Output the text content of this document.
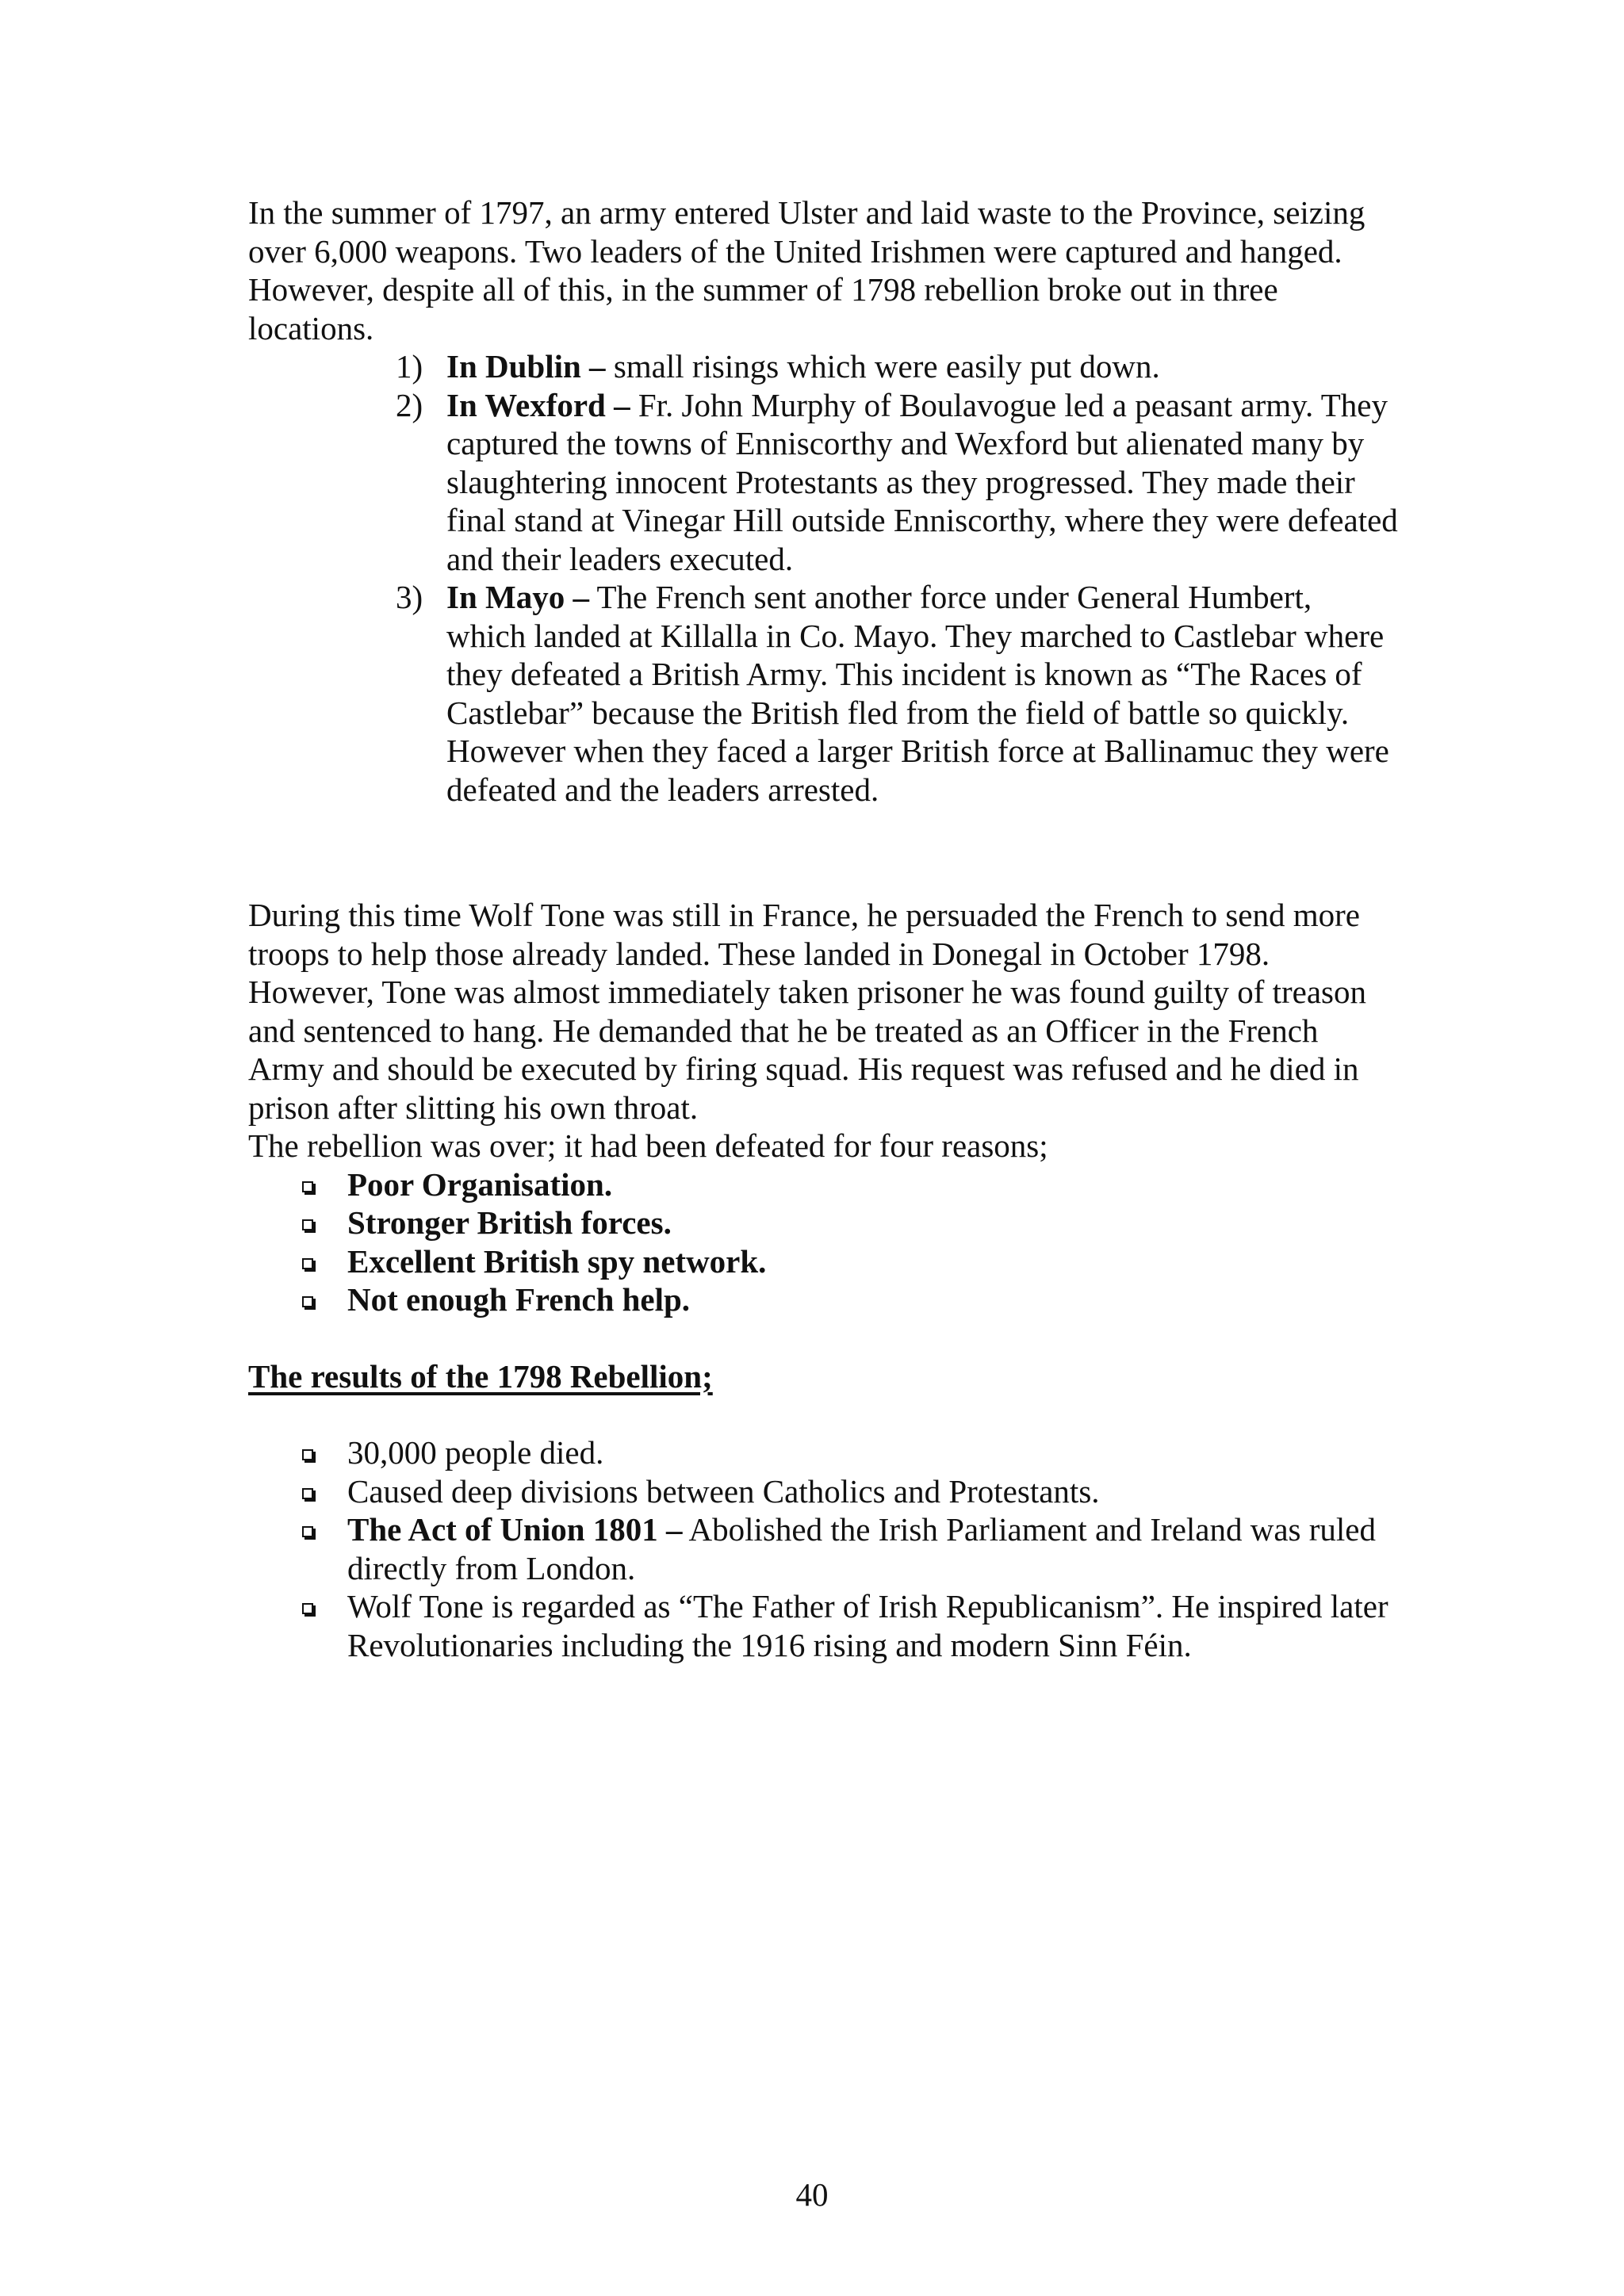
In the summer of 1797, an army entered Ulster and laid waste to the Province, seizing over 6,000 weapons. Two leaders of the United Irishmen were captured and hanged. However, despite all of this, in the summer of 1798 rebellion broke out in three locations.

1) In Dublin – small risings which were easily put down.
2) In Wexford – Fr. John Murphy of Boulavogue led a peasant army. They captured the towns of Enniscorthy and Wexford but alienated many by slaughtering innocent Protestants as they progressed. They made their final stand at Vinegar Hill outside Enniscorthy, where they were defeated and their leaders executed.
3) In Mayo – The French sent another force under General Humbert, which landed at Killalla in Co. Mayo. They marched to Castlebar where they defeated a British Army. This incident is known as “The Races of Castlebar” because the British fled from the field of battle so quickly. However when they faced a larger British force at Ballinamuc they were defeated and the leaders arrested.

During this time Wolf Tone was still in France, he persuaded the French to send more troops to help those already landed. These landed in Donegal in October 1798. However, Tone was almost immediately taken prisoner he was found guilty of treason and sentenced to hang. He demanded that he be treated as an Officer in the French Army and should be executed by firing squad. His request was refused and he died in prison after slitting his own throat.

The rebellion was over; it had been defeated for four reasons;

Poor Organisation.
Stronger British forces.
Excellent British spy network.
Not enough French help.

The results of the 1798 Rebellion;

30,000 people died.
Caused deep divisions between Catholics and Protestants.
The Act of Union 1801 – Abolished the Irish Parliament and Ireland was ruled directly from London.
Wolf Tone is regarded as “The Father of Irish Republicanism”. He inspired later Revolutionaries including the 1916 rising and modern Sinn Féin.
40
